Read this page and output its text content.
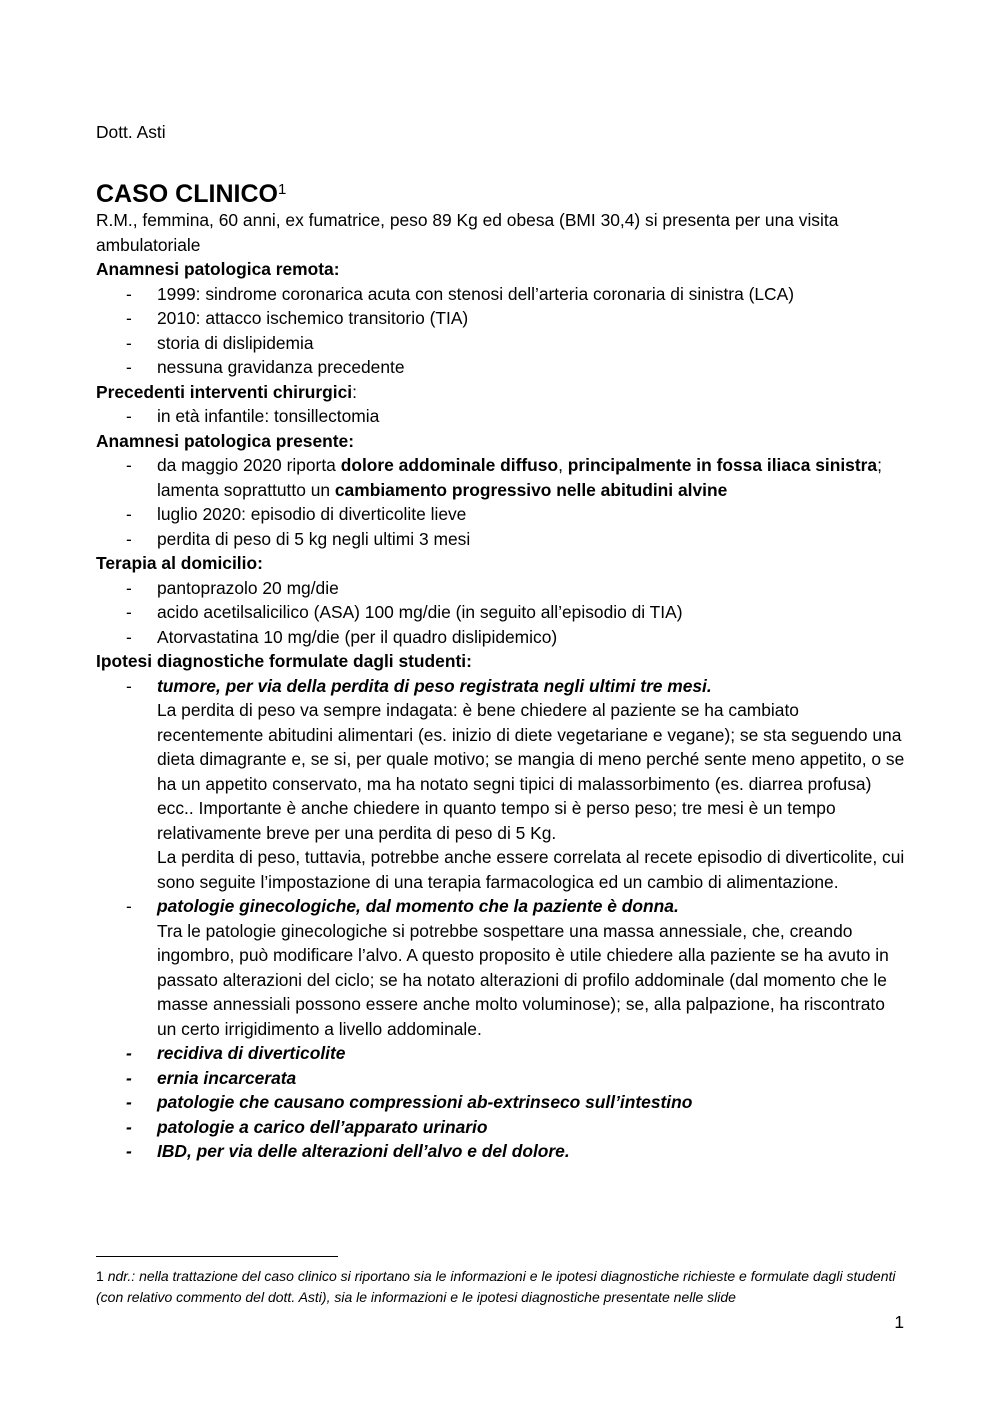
Dott. Asti
CASO CLINICO$^1$

R.M., femmina, 60 anni, ex fumatrice, peso 89 Kg ed obesa (BMI 30,4) si presenta per una visita ambulatoriale

Anamnesi patologica remota:

- 1999: sindrome coronarica acuta con stenosi dell’arteria coronaria di sinistra (LCA)
- 2010: attacco ischemico transitorio (TIA)
- storia di dislipidemia
- nessuna gravidanza precedente

Precedenti interventi chirurgici:

- in età infantile: tonsillectomia

Anamnesi patologica presente:

- da maggio 2020 riporta dolore addominale diffuso, principalmente in fossa iliaca sinistra; lamenta soprattutto un cambiamento progressivo nelle abitudini alvine
- luglio 2020: episodio di diverticolite lieve
- perdita di peso di 5 kg negli ultimi 3 mesi

Terapia al domicilio:

- pantoprazolo 20 mg/die
- acido acetilsalicilico (ASA) 100 mg/die (in seguito all’episodio di TIA)
- Atorvastatina 10 mg/die (per il quadro dislipidemico)

Ipotesi diagnostiche formulate dagli studenti:

- tumore, per via della perdita di peso registrata negli ultimi tre mesi.
La perdita di peso va sempre indagata: è bene chiedere al paziente se ha cambiato recentemente abitudini alimentari (es. inizio di diete vegetariane e vegane); se sta seguendo una dieta dimagrante e, se si, per quale motivo; se mangia di meno perché sente meno appetito, o se ha un appetito conservato, ma ha notato segni tipici di malassorbimento (es. diarrea profusa) ecc.. Importante è anche chiedere in quanto tempo si è perso peso; tre mesi è un tempo relativamente breve per una perdita di peso di 5 Kg.
La perdita di peso, tuttavia, potrebbe anche essere correlata al recete episodio di diverticolite, cui sono seguite l’impostazione di una terapia farmacologica ed un cambio di alimentazione.
- patologie ginecologiche, dal momento che la paziente è donna.
Tra le patologie ginecologiche si potrebbe sospettare una massa annessiale, che, creando ingombro, può modificare l’alvo. A questo proposito è utile chiedere alla paziente se ha avuto in passato alterazioni del ciclo; se ha notato alterazioni di profilo addominale (dal momento che le masse annessiali possono essere anche molto voluminose); se, alla palpazione, ha riscontrato un certo irrigidimento a livello addominale.
- recidiva di diverticolite
- ernia incarcerata
- patologie che causano compressioni ab-extrinseco sull’intestino
- patologie a carico dell’apparato urinario
- IBD, per via delle alterazioni dell’alvo e del dolore.
1 ndr.: nella trattazione del caso clinico si riportano sia le informazioni e le ipotesi diagnostiche richieste e formulate dagli studenti (con relativo commento del dott. Asti), sia le informazioni e le ipotesi diagnostiche presentate nelle slide
1
